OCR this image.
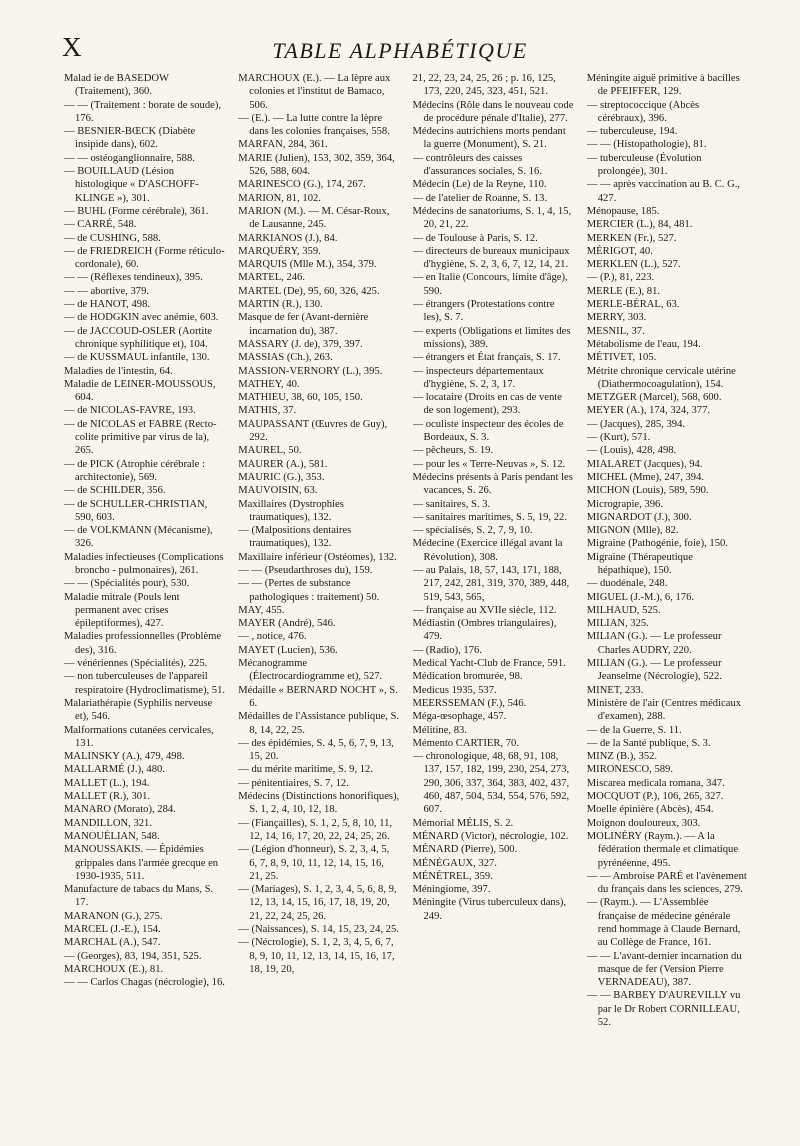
X	TABLE ALPHABÉTIQUE

Malad ie de BASEDOW (Traitement), 360.

— — (Traitement : borate de soude), 176.

— BESNIER-BŒCK (Diabète insipide dans), 602.

— — ostéoganglionnaire, 588.

— BOUILLAUD (Lésion histologique « D'ASCHOFF-KLINGE »), 301.

— BUHL (Forme cérébrale), 361.

— CARRÉ, 548.

— de CUSHING, 588.

— de FRIEDREICH (Forme réticulo-cordonale), 60.

— — (Réflexes tendineux), 395.

— — abortive, 379.

— de HANOT, 498.

— de HODGKIN avec anémie, 603.

— de JACCOUD-OSLER (Aortite chronique syphilitique et), 104.

— de KUSSMAUL infantile, 130.

Maladies de l'intestin, 64.

Maladie de LEINER-MOUSSOUS, 604.

— de NICOLAS-FAVRE, 193.

— de NICOLAS et FABRE (Recto-colite primitive par virus de la), 265.

— de PICK (Atrophie cérébrale : architectonie), 569.

— de SCHILDER, 356.

— de SCHULLER-CHRISTIAN, 590, 603.

— de VOLKMANN (Mécanisme), 326.

Maladies infectieuses (Complications broncho - pulmonaires), 261.

— — (Spécialités pour), 530.

Maladie mitrale (Pouls lent permanent avec crises épileptiformes), 427.

Maladies professionnelles (Problème des), 316.

— vénériennes (Spécialités), 225.

— non tuberculeuses de l'appareil respiratoire (Hydroclimatisme), 51.

Malariathérapie (Syphilis nerveuse et), 546.

Malformations cutanées cervicales, 131.

MALINSKY (A.), 479, 498.

MALLARMÉ (J.), 480.

MALLET (L.), 194.

MALLET (R.), 301.

MANARO (Morato), 284.

MANDILLON, 321.

MANOUÉLIAN, 548.

MANOUSSAKIS. — Épidémies grippales dans l'armée grecque en 1930-1935, 511.

Manufacture de tabacs du Mans, S. 17.

MARANON (G.), 275.

MARCEL (J.-E.), 154.

MARCHAL (A.), 547.

— (Georges), 83, 194, 351, 525.

MARCHOUX (E.), 81.

— — Carlos Chagas (nécrologie), 16.

MARCHOUX (E.). — La lèpre aux colonies et l'institut de Bamaco, 506.

— (E.). — La lutte contre la lèpre dans les colonies françaises, 558.

MARFAN, 284, 361.

MARIE (Julien), 153, 302, 359, 364, 526, 588, 604.

MARINESCO (G.), 174, 267.

MARION, 81, 102.

MARION (M.). — M. César-Roux, de Lausanne, 245.

MARKIANOS (J.), 84.

MARQUÉRY, 359.

MARQUIS (Mlle M.), 354, 379.

MARTEL, 246.

MARTEL (De), 95, 60, 326, 425.

MARTIN (R.), 130.

Masque de fer (Avant-dernière incarnation du), 387.

MASSARY (J. de), 379, 397.

MASSIAS (Ch.), 263.

MASSION-VERNORY (L.), 395.

MATHEY, 40.

MATHIEU, 38, 60, 105, 150.

MATHIS, 37.

MAUPASSANT (Œuvres de Guy), 292.

MAUREL, 50.

MAURER (A.), 581.

MAURIC (G.), 353.

MAUVOISIN, 63.

Maxillaires (Dystrophies traumatiques), 132.

— (Malpositions dentaires traumatiques), 132.

Maxillaire inférieur (Ostéomes), 132.

— — (Pseudarthroses du), 159.

— — (Pertes de substance pathologiques : traitement) 50.

MAY, 455.

MAYER (André), 546.

— , notice, 476.

MAYET (Lucien), 536.

Mécanogramme (Électrocardiogramme et), 527.

Médaille « BERNARD NOCHT », S. 6.

Médailles de l'Assistance publique, S. 8, 14, 22, 25.

— des épidémies, S. 4, 5, 6, 7, 9, 13, 15, 20.

— du mérite maritime, S. 9, 12.

— pénitentiaires, S. 7, 12.

Médecins (Distinctions honorifiques), S. 1, 2, 4, 10, 12, 18.

— (Fiançailles), S. 1, 2, 5, 8, 10, 11, 12, 14, 16, 17, 20, 22, 24, 25, 26.

— (Légion d'honneur), S. 2, 3, 4, 5, 6, 7, 8, 9, 10, 11, 12, 14, 15, 16, 21, 25.

— (Mariages), S. 1, 2, 3, 4, 5, 6, 8, 9, 12, 13, 14, 15, 16, 17, 18, 19, 20, 21, 22, 24, 25, 26.

— (Naissances), S. 14, 15, 23, 24, 25.

— (Nécrologie), S. 1, 2, 3, 4, 5, 6, 7, 8, 9, 10, 11, 12, 13, 14, 15, 16, 17, 18, 19, 20,

21, 22, 23, 24, 25, 26 ; p. 16, 125, 173, 220, 245, 323, 451, 521.

Médecins (Rôle dans le nouveau code de procédure pénale d'Italie), 277.

Médecins autrichiens morts pendant la guerre (Monument), S. 21.

— contrôleurs des caisses d'assurances sociales, S. 16.

Médecin (Le) de la Reyne, 110.

— de l'atelier de Roanne, S. 13.

Médecins de sanatoriums, S. 1, 4, 15, 20, 21, 22.

— de Toulouse à Paris, S. 12.

— directeurs de bureaux municipaux d'hygiène, S. 2, 3, 6, 7, 12, 14, 21.

— en Italie (Concours, limite d'âge), 590.

— étrangers (Protestations contre les), S. 7.

— experts (Obligations et limites des missions), 389.

— étrangers et État français, S. 17.

— inspecteurs départementaux d'hygiène, S. 2, 3, 17.

— locataire (Droits en cas de vente de son logement), 293.

— oculiste inspecteur des écoles de Bordeaux, S. 3.

— pêcheurs, S. 19.

— pour les « Terre-Neuvas », S. 12.

Médecins présents à Paris pendant les vacances, S. 26.

— sanitaires, S. 3.

— sanitaires maritimes, S. 5, 19, 22.

— spécialisés, S. 2, 7, 9, 10.

Médecine (Exercice illégal avant la Révolution), 308.

— au Palais, 18, 57, 143, 171, 188, 217, 242, 281, 319, 370, 389, 448, 519, 543, 565,

— française au XVIIe siècle, 112.

Médiastin (Ombres triangulaires), 479.

— (Radio), 176.

Medical Yacht-Club de France, 591.

Médication bromurée, 98.

Medicus 1935, 537.

MEERSSEMAN (F.), 546.

Méga-œsophage, 457.

Mélitine, 83.

Mémento CARTIER, 70.

— chronologique, 48, 68, 91, 108, 137, 157, 182, 199, 230, 254, 273, 290, 306, 337, 364, 383, 402, 437, 460, 487, 504, 534, 554, 576, 592, 607.

Mémorial MÉLIS, S. 2.

MÉNARD (Victor), nécrologie, 102.

MÉNARD (Pierre), 500.

MÉNÉGAUX, 327.

MÉNÉTREL, 359.

Méningiome, 397.

Méningite (Virus tuberculeux dans), 249.

Méningite aiguë primitive à bacilles de PFEIFFER, 129.

— streptococcique (Abcès cérébraux), 396.

— tuberculeuse, 194.

— — (Histopathologie), 81.

— tuberculeuse (Évolution prolongée), 301.

— — après vaccination au B. C. G., 427.

Ménopause, 185.

MERCIER (L.), 84, 481.

MERKEN (Fr.), 527.

MÉRIGOT, 40.

MERKLEN (L.), 527.

— (P.), 81, 223.

MERLE (E.), 81.

MERLE-BÉRAL, 63.

MERRY, 303.

MESNIL, 37.

Métabolisme de l'eau, 194.

MÉTIVET, 105.

Métrite chronique cervicale utérine (Diathermocoagulation), 154.

METZGER (Marcel), 568, 600.

MEYER (A.), 174, 324, 377.

— (Jacques), 285, 394.

— (Kurt), 571.

— (Louis), 428, 498.

MIALARET (Jacques), 94.

MICHEL (Mme), 247, 394.

MICHON (Louis), 589, 590.

Micrograpie, 396.

MIGNARDOT (J.), 300.

MIGNON (Mlle), 82.

Migraine (Pathogénie, foie), 150.

Migraine (Thérapeutique hépathique), 150.

— duodénale, 248.

MIGUEL (J.-M.), 6, 176.

MILHAUD, 525.

MILIAN, 325.

MILIAN (G.). — Le professeur Charles AUDRY, 220.

MILIAN (G.). — Le professeur Jeanselme (Nécrologie), 522.

MINET, 233.

Ministère de l'air (Centres médicaux d'examen), 288.

— de la Guerre, S. 11.

— de la Santé publique, S. 3.

MINZ (B.), 352.

MIRONESCO, 589.

Miscarea medicala romana, 347.

MOCQUOT (P.), 106, 265, 327.

Moelle épinière (Abcès), 454.

Moignon douloureux, 303.

MOLINÉRY (Raym.). — A la fédération thermale et climatique pyrénéenne, 495.

— — Ambroise PARÉ et l'avènement du français dans les sciences, 279.

— (Raym.). — L'Assemblée française de médecine générale rend hommage à Claude Bernard, au Collège de France, 161.

— — L'avant-dernier incarnation du masque de fer (Version Pierre VERNADEAU), 387.

— — BARBEY D'AUREVILLY vu par le Dr Robert CORNILLEAU, 52.
